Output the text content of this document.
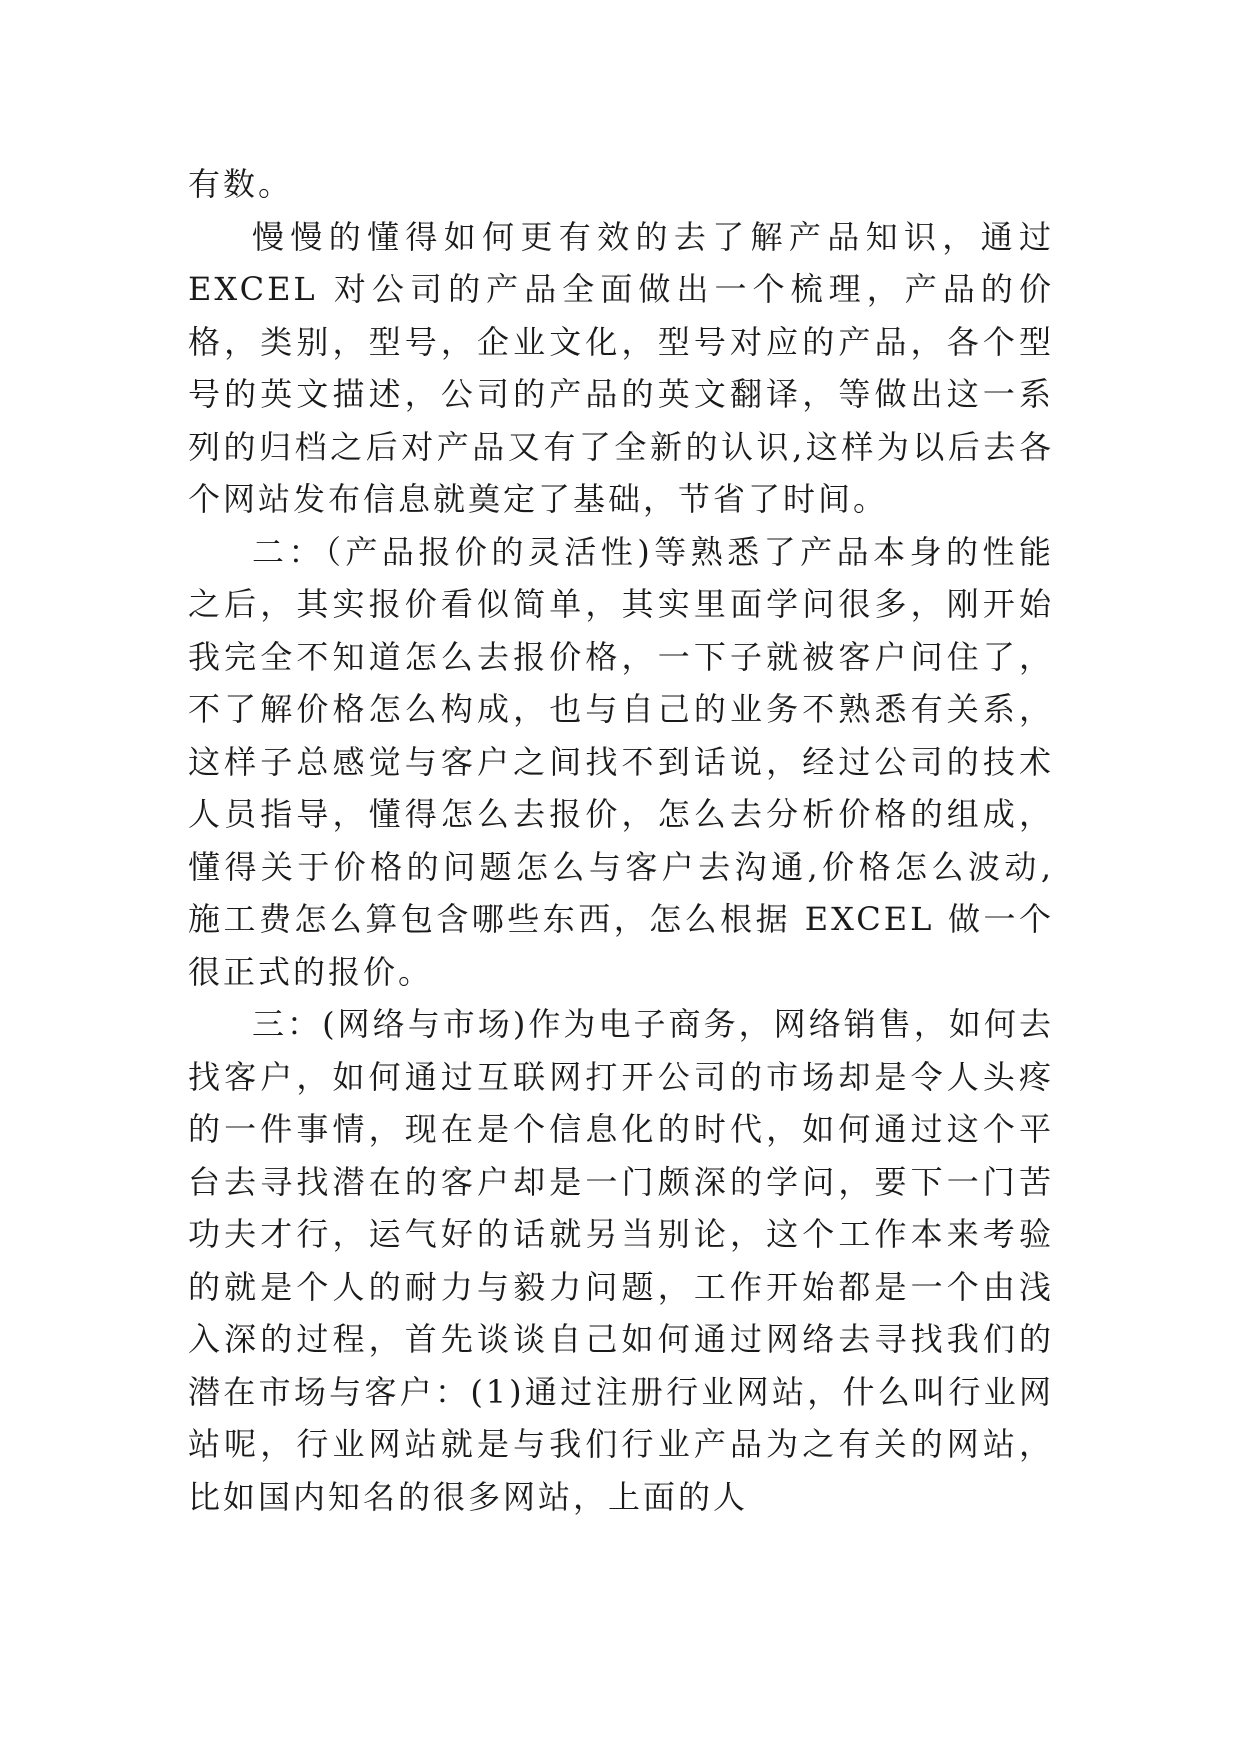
有数。

慢慢的懂得如何更有效的去了解产品知识，通过 EXCEL 对公司的产品全面做出一个梳理，产品的价格，类别，型号，企业文化，型号对应的产品，各个型号的英文描述，公司的产品的英文翻译，等做出这一系列的归档之后对产品又有了全新的认识,这样为以后去各个网站发布信息就奠定了基础，节省了时间。

二：（产品报价的灵活性)等熟悉了产品本身的性能之后，其实报价看似简单，其实里面学问很多，刚开始我完全不知道怎么去报价格，一下子就被客户问住了，不了解价格怎么构成，也与自己的业务不熟悉有关系，这样子总感觉与客户之间找不到话说，经过公司的技术人员指导，懂得怎么去报价，怎么去分析价格的组成，懂得关于价格的问题怎么与客户去沟通,价格怎么波动,施工费怎么算包含哪些东西，怎么根据 EXCEL 做一个很正式的报价。

三：(网络与市场)作为电子商务，网络销售，如何去找客户，如何通过互联网打开公司的市场却是令人头疼的一件事情，现在是个信息化的时代，如何通过这个平台去寻找潜在的客户却是一门颇深的学问，要下一门苦功夫才行，运气好的话就另当别论，这个工作本来考验的就是个人的耐力与毅力问题，工作开始都是一个由浅入深的过程，首先谈谈自己如何通过网络去寻找我们的潜在市场与客户：(1)通过注册行业网站，什么叫行业网站呢，行业网站就是与我们行业产品为之有关的网站，比如国内知名的很多网站，上面的人
